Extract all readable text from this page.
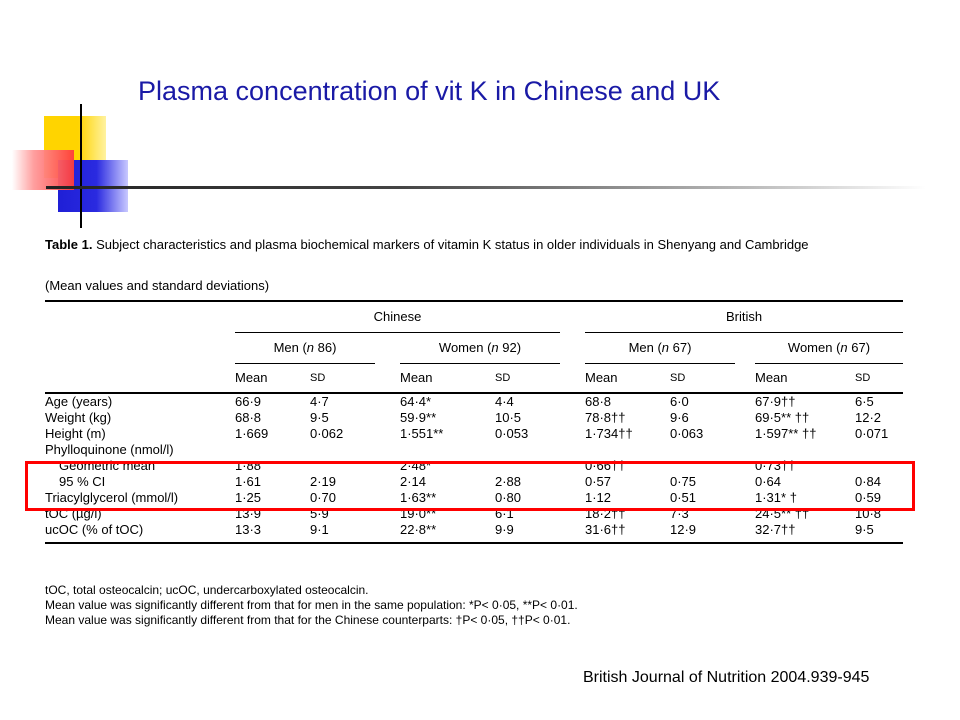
Plasma concentration of vit K in Chinese and UK
Table 1. Subject characteristics and plasma biochemical markers of vitamin K status in older individuals in Shenyang and Cambridge
(Mean values and standard deviations)
	Chinese						British				
	Men (n 86)			Women (n 92)			Men (n 67)			Women (n 67)	
	Mean	SD		Mean	SD		Mean	SD		Mean	SD
Age (years)	66·9	4·7		64·4*	4·4		68·8	6·0		67·9††	6·5
Weight (kg)	68·8	9·5		59·9**	10·5		78·8††	9·6		69·5** ††	12·2
Height (m)	1·669	0·062		1·551**	0·053		1·734††	0·063		1·597** ††	0·071
Phylloquinone (nmol/l)											
Geometric mean	1·88			2·48*			0·66††			0·73††	
95 % CI	1·61	2·19		2·14	2·88		0·57	0·75		0·64	0·84
Triacylglycerol (mmol/l)	1·25	0·70		1·63**	0·80		1·12	0·51		1·31* †	0·59
tOC (µg/l)	13·9	5·9		19·0**	6·1		18·2††	7·3		24·5** ††	10·8
ucOC (% of tOC)	13·3	9·1		22·8**	9·9		31·6††	12·9		32·7††	9·5

tOC, total osteocalcin; ucOC, undercarboxylated osteocalcin.
Mean value was significantly different from that for men in the same population: *P< 0·05, **P< 0·01.
Mean value was significantly different from that for the Chinese counterparts: †P< 0·05, ††P< 0·01.
British Journal of Nutrition 2004.939-945
